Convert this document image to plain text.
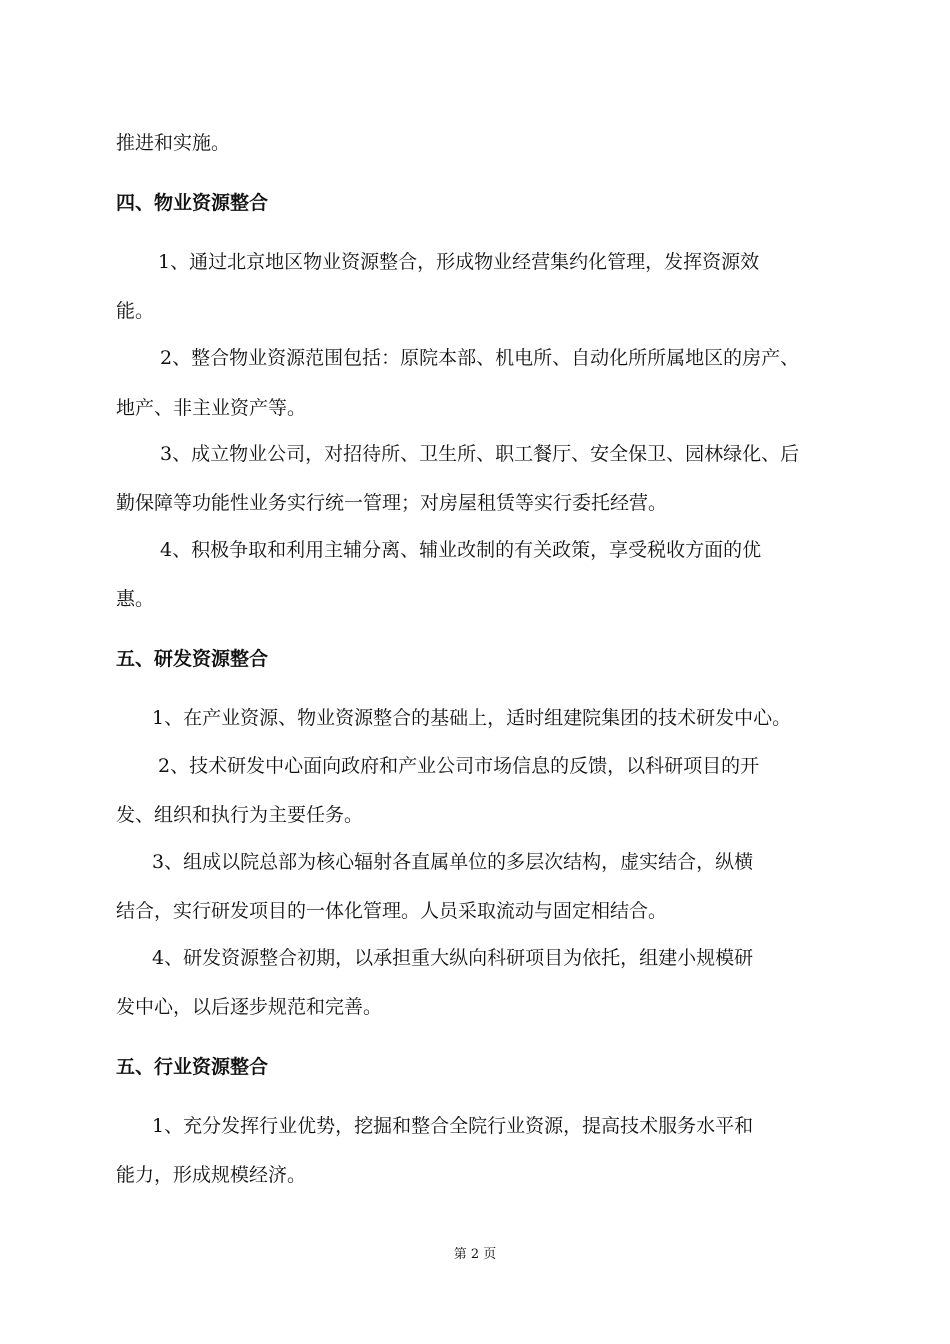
推进和实施。

四、物业资源整合

1、通过北京地区物业资源整合，形成物业经营集约化管理，发挥资源效

能。

2、整合物业资源范围包括：原院本部、机电所、自动化所所属地区的房产、

地产、非主业资产等。

3、成立物业公司，对招待所、卫生所、职工餐厅、安全保卫、园林绿化、后

勤保障等功能性业务实行统一管理；对房屋租赁等实行委托经营。

4、积极争取和利用主辅分离、辅业改制的有关政策，享受税收方面的优

惠。

五、研发资源整合

1、在产业资源、物业资源整合的基础上，适时组建院集团的技术研发中心。

2、技术研发中心面向政府和产业公司市场信息的反馈，以科研项目的开

发、组织和执行为主要任务。

3、组成以院总部为核心辐射各直属单位的多层次结构，虚实结合，纵横

结合，实行研发项目的一体化管理。人员采取流动与固定相结合。

4、研发资源整合初期，以承担重大纵向科研项目为依托，组建小规模研

发中心，以后逐步规范和完善。

五、行业资源整合

1、充分发挥行业优势，挖掘和整合全院行业资源，提高技术服务水平和

能力，形成规模经济。

第 2 页
